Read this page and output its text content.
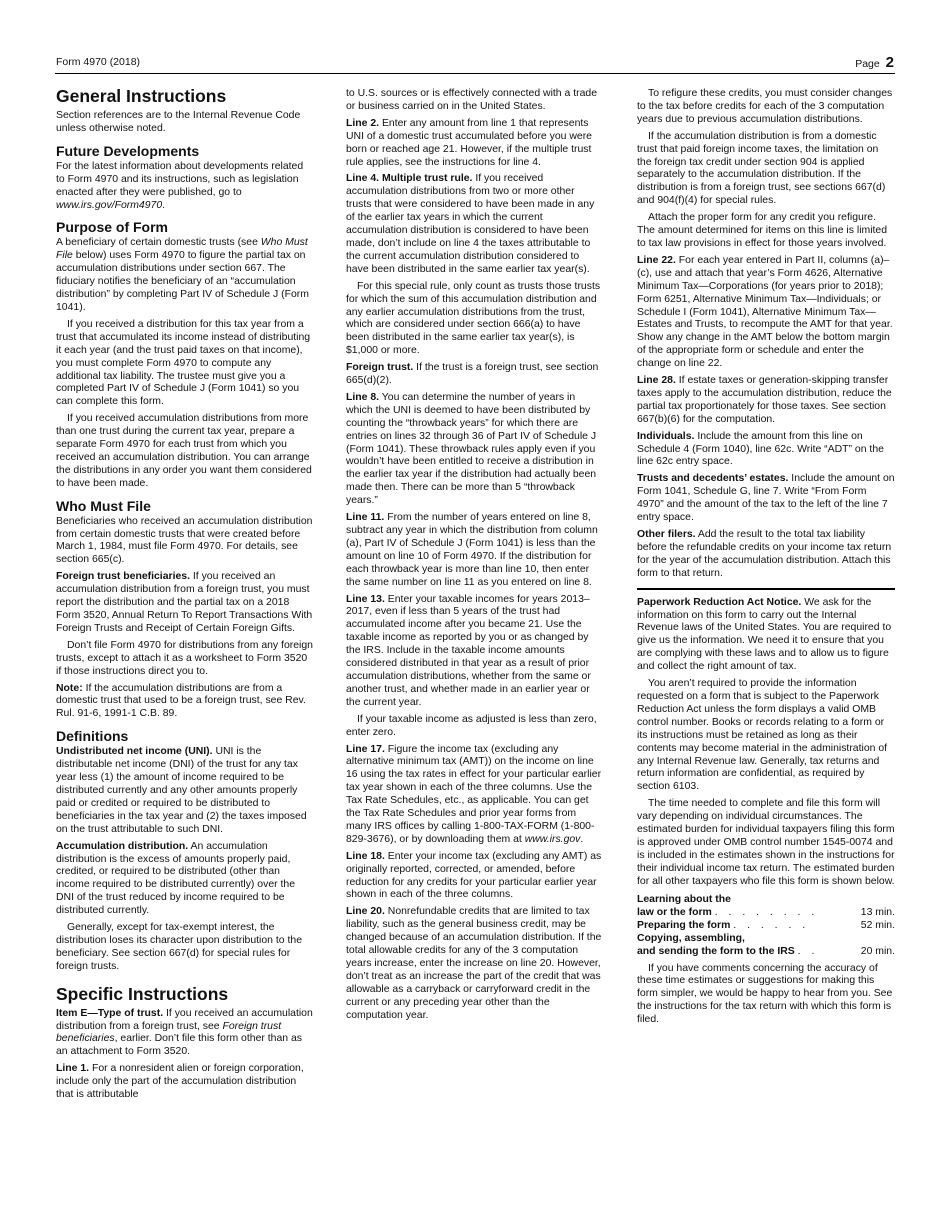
Form 4970 (2018)	Page 2
General Instructions

Section references are to the Internal Revenue Code unless otherwise noted.

Future Developments

For the latest information about developments related to Form 4970 and its instructions, such as legislation enacted after they were published, go to www.irs.gov/Form4970.

Purpose of Form

A beneficiary of certain domestic trusts (see Who Must File below) uses Form 4970 to figure the partial tax on accumulation distributions under section 667. The fiduciary notifies the beneficiary of an “accumulation distribution” by completing Part IV of Schedule J (Form 1041).

If you received a distribution for this tax year from a trust that accumulated its income instead of distributing it each year (and the trust paid taxes on that income), you must complete Form 4970 to compute any additional tax liability. The trustee must give you a completed Part IV of Schedule J (Form 1041) so you can complete this form.

If you received accumulation distributions from more than one trust during the current tax year, prepare a separate Form 4970 for each trust from which you received an accumulation distribution. You can arrange the distributions in any order you want them considered to have been made.

Who Must File

Beneficiaries who received an accumulation distribution from certain domestic trusts that were created before March 1, 1984, must file Form 4970. For details, see section 665(c).

Foreign trust beneficiaries. If you received an accumulation distribution from a foreign trust, you must report the distribution and the partial tax on a 2018 Form 3520, Annual Return To Report Transactions With Foreign Trusts and Receipt of Certain Foreign Gifts.

Don’t file Form 4970 for distributions from any foreign trusts, except to attach it as a worksheet to Form 3520 if those instructions direct you to.

Note: If the accumulation distributions are from a domestic trust that used to be a foreign trust, see Rev. Rul. 91-6, 1991-1 C.B. 89.

Definitions

Undistributed net income (UNI). UNI is the distributable net income (DNI) of the trust for any tax year less (1) the amount of income required to be distributed currently and any other amounts properly paid or credited or required to be distributed to beneficiaries in the tax year and (2) the taxes imposed on the trust attributable to such DNI.

Accumulation distribution. An accumulation distribution is the excess of amounts properly paid, credited, or required to be distributed (other than income required to be distributed currently) over the DNI of the trust reduced by income required to be distributed currently.

Generally, except for tax-exempt interest, the distribution loses its character upon distribution to the beneficiary. See section 667(d) for special rules for foreign trusts.

Specific Instructions

Item E—Type of trust. If you received an accumulation distribution from a foreign trust, see Foreign trust beneficiaries, earlier. Don’t file this form other than as an attachment to Form 3520.

Line 1. For a nonresident alien or foreign corporation, include only the part of the accumulation distribution that is attributable

to U.S. sources or is effectively connected with a trade or business carried on in the United States.

Line 2. Enter any amount from line 1 that represents UNI of a domestic trust accumulated before you were born or reached age 21. However, if the multiple trust rule applies, see the instructions for line 4.

Line 4. Multiple trust rule. If you received accumulation distributions from two or more other trusts that were considered to have been made in any of the earlier tax years in which the current accumulation distribution is considered to have been made, don’t include on line 4 the taxes attributable to the current accumulation distribution considered to have been distributed in the same earlier tax year(s).

For this special rule, only count as trusts those trusts for which the sum of this accumulation distribution and any earlier accumulation distributions from the trust, which are considered under section 666(a) to have been distributed in the same earlier tax year(s), is $1,000 or more.

Foreign trust. If the trust is a foreign trust, see section 665(d)(2).

Line 8. You can determine the number of years in which the UNI is deemed to have been distributed by counting the “throwback years” for which there are entries on lines 32 through 36 of Part IV of Schedule J (Form 1041). These throwback rules apply even if you wouldn’t have been entitled to receive a distribution in the earlier tax year if the distribution had actually been made then. There can be more than 5 “throwback years.”

Line 11. From the number of years entered on line 8, subtract any year in which the distribution from column (a), Part IV of Schedule J (Form 1041) is less than the amount on line 10 of Form 4970. If the distribution for each throwback year is more than line 10, then enter the same number on line 11 as you entered on line 8.

Line 13. Enter your taxable incomes for years 2013–2017, even if less than 5 years of the trust had accumulated income after you became 21. Use the taxable income as reported by you or as changed by the IRS. Include in the taxable income amounts considered distributed in that year as a result of prior accumulation distributions, whether from the same or another trust, and whether made in an earlier year or the current year.

If your taxable income as adjusted is less than zero, enter zero.

Line 17. Figure the income tax (excluding any alternative minimum tax (AMT)) on the income on line 16 using the tax rates in effect for your particular earlier tax year shown in each of the three columns. Use the Tax Rate Schedules, etc., as applicable. You can get the Tax Rate Schedules and prior year forms from many IRS offices by calling 1-800-TAX-FORM (1-800-829-3676), or by downloading them at www.irs.gov.

Line 18. Enter your income tax (excluding any AMT) as originally reported, corrected, or amended, before reduction for any credits for your particular earlier year shown in each of the three columns.

Line 20. Nonrefundable credits that are limited to tax liability, such as the general business credit, may be changed because of an accumulation distribution. If the total allowable credits for any of the 3 computation years increase, enter the increase on line 20. However, don’t treat as an increase the part of the credit that was allowable as a carryback or carryforward credit in the current or any preceding year other than the computation year.

To refigure these credits, you must consider changes to the tax before credits for each of the 3 computation years due to previous accumulation distributions.

If the accumulation distribution is from a domestic trust that paid foreign income taxes, the limitation on the foreign tax credit under section 904 is applied separately to the accumulation distribution. If the distribution is from a foreign trust, see sections 667(d) and 904(f)(4) for special rules.

Attach the proper form for any credit you refigure. The amount determined for items on this line is limited to tax law provisions in effect for those years involved.

Line 22. For each year entered in Part II, columns (a)–(c), use and attach that year’s Form 4626, Alternative Minimum Tax—Corporations (for years prior to 2018); Form 6251, Alternative Minimum Tax—Individuals; or Schedule I (Form 1041), Alternative Minimum Tax—Estates and Trusts, to recompute the AMT for that year. Show any change in the AMT below the bottom margin of the appropriate form or schedule and enter the change on line 22.

Line 28. If estate taxes or generation-skipping transfer taxes apply to the accumulation distribution, reduce the partial tax proportionately for those taxes. See section 667(b)(6) for the computation.

Individuals. Include the amount from this line on Schedule 4 (Form 1040), line 62c. Write “ADT” on the line 62c entry space.

Trusts and decedents’ estates. Include the amount on Form 1041, Schedule G, line 7. Write “From Form 4970” and the amount of the tax to the left of the line 7 entry space.

Other filers. Add the result to the total tax liability before the refundable credits on your income tax return for the year of the accumulation distribution. Attach this form to that return.

Paperwork Reduction Act Notice. We ask for the information on this form to carry out the Internal Revenue laws of the United States. You are required to give us the information. We need it to ensure that you are complying with these laws and to allow us to figure and collect the right amount of tax.

You aren’t required to provide the information requested on a form that is subject to the Paperwork Reduction Act unless the form displays a valid OMB control number. Books or records relating to a form or its instructions must be retained as long as their contents may become material in the administration of any Internal Revenue law. Generally, tax returns and return information are confidential, as required by section 6103.

The time needed to complete and file this form will vary depending on individual circumstances. The estimated burden for individual taxpayers filing this form is approved under OMB control number 1545-0074 and is included in the estimates shown in the instructions for their individual income tax return. The estimated burden for all other taxpayers who file this form is shown below.

Learning about the
law or the form . . . . . . . .	13 min.
Preparing the form . . . . . .	52 min.
Copying, assembling,
and sending the form to the IRS . .	20 min.

If you have comments concerning the accuracy of these time estimates or suggestions for making this form simpler, we would be happy to hear from you. See the instructions for the tax return with which this form is filed.
